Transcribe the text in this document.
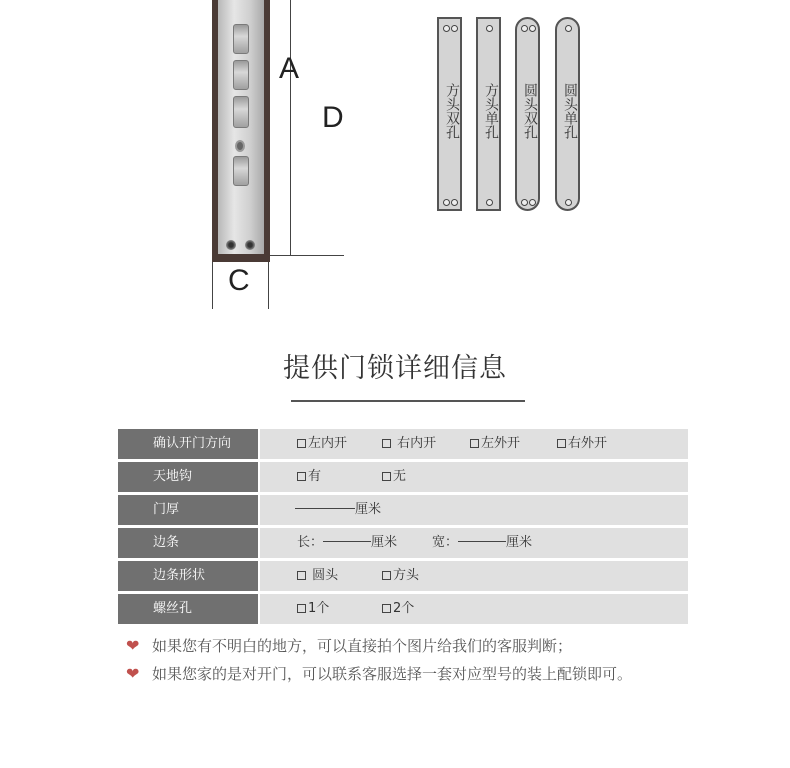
A
D
C
方头双孔	方头单孔	圆头双孔	圆头单孔
提供门锁详细信息
确认开门方向	左内开	右内开	左外开	右外开
天地钩	有	无
门厚	厘米
边条	长：	厘米	宽：	厘米
边条形状	圆头	方头
螺丝孔	1个	2个
❤ 如果您有不明白的地方，可以直接拍个图片给我们的客服判断；
❤ 如果您家的是对开门，可以联系客服选择一套对应型号的装上配锁即可。
